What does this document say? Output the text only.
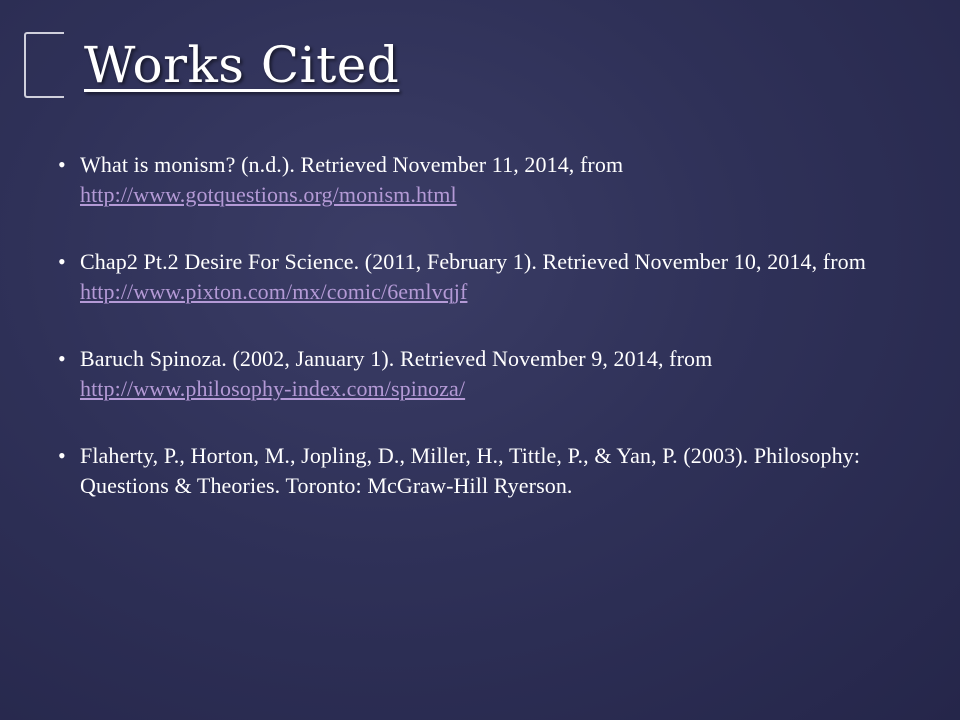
Works Cited
• What is monism? (n.d.). Retrieved November 11, 2014, from http://www.gotquestions.org/monism.html
• Chap2 Pt.2 Desire For Science. (2011, February 1). Retrieved November 10, 2014, from http://www.pixton.com/mx/comic/6emlvqjf
• Baruch Spinoza. (2002, January 1). Retrieved November 9, 2014, from http://www.philosophy-index.com/spinoza/
• Flaherty, P., Horton, M., Jopling, D., Miller, H., Tittle, P., & Yan, P. (2003). Philosophy: Questions & Theories. Toronto: McGraw-Hill Ryerson.
